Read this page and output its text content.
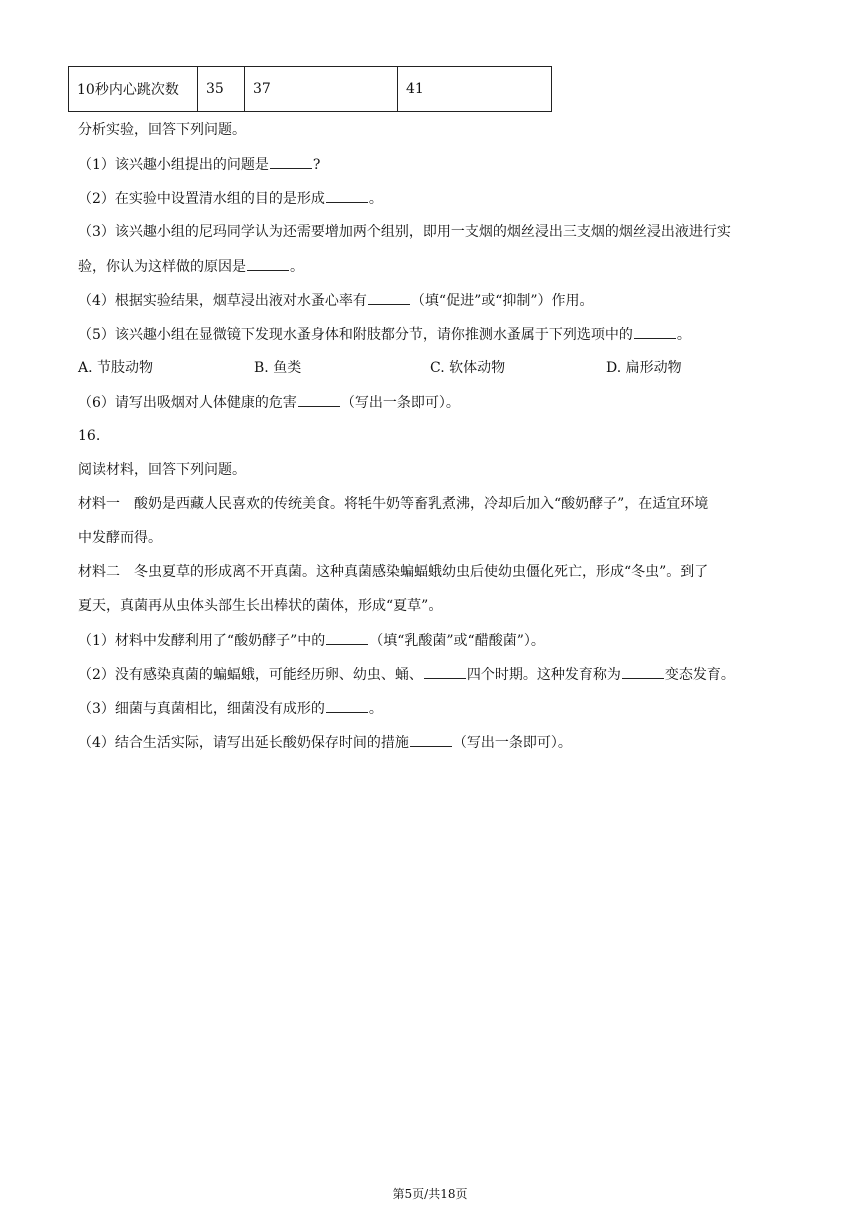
10秒内心跳次数	35	37	41
分析实验，回答下列问题。
（1）该兴趣小组提出的问题是	?
（2）在实验中设置清水组的目的是形成	。
（3）该兴趣小组的尼玛同学认为还需要增加两个组别，即用一支烟的烟丝浸出三支烟的烟丝浸出液进行实
验，你认为这样做的原因是	。
（4）根据实验结果，烟草浸出液对水蚤心率有	（填“促进”或“抑制”）作用。
（5）该兴趣小组在显微镜下发现水蚤身体和附肢都分节，请你推测水蚤属于下列选项中的	。
A. 节肢动物	B. 鱼类	C. 软体动物	D. 扁形动物
（6）请写出吸烟对人体健康的危害	（写出一条即可）。
16.
阅读材料，回答下列问题。
材料一　酸奶是西藏人民喜欢的传统美食。将牦牛奶等畜乳煮沸，冷却后加入“酸奶酵子”，在适宜环境
中发酵而得。
材料二　冬虫夏草的形成离不开真菌。这种真菌感染蝙蝠蛾幼虫后使幼虫僵化死亡，形成“冬虫”。到了
夏天，真菌再从虫体头部生长出棒状的菌体，形成“夏草”。
（1）材料中发酵利用了“酸奶酵子”中的	（填“乳酸菌”或“醋酸菌”）。
（2）没有感染真菌的蝙蝠蛾，可能经历卵、幼虫、蛹、	四个时期。这种发育称为	变态发育。
（3）细菌与真菌相比，细菌没有成形的	。
（4）结合生活实际，请写出延长酸奶保存时间的措施	（写出一条即可）。
第5页/共18页
